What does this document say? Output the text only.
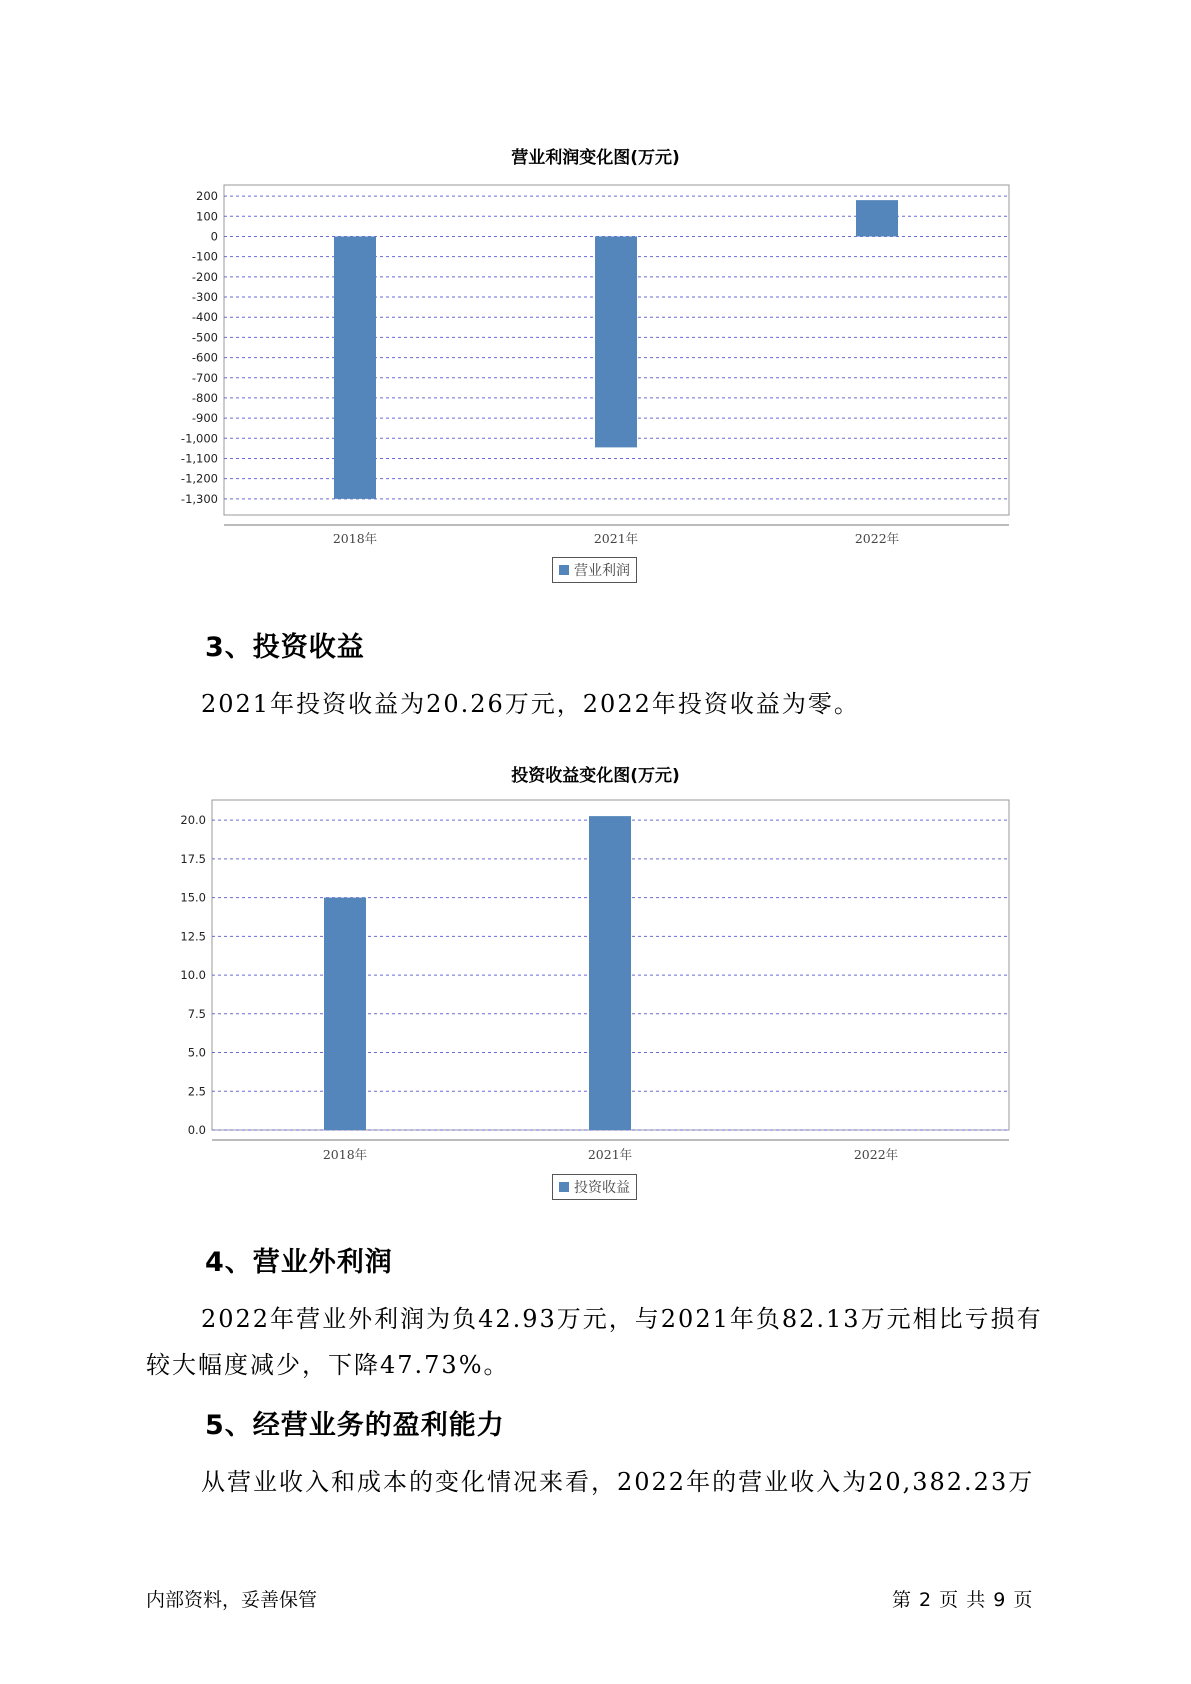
营业利润变化图(万元)
200
100
0
-100
-200
-300
-400
-500
-600
-700
-800
-900
-1,000
-1,100
-1,200
-1,300
2018年	2021年	2022年
营业利润
3、投资收益

2021年投资收益为20.26万元，2022年投资收益为零。

投资收益变化图(万元)
0.0
2.5
5.0
7.5
10.0
12.5
15.0
17.5
20.0
2018年	2021年	2022年
投资收益
4、营业外利润

2022年营业外利润为负42.93万元，与2021年负82.13万元相比亏损有

较大幅度减少，下降47.73%。

5、经营业务的盈利能力

从营业收入和成本的变化情况来看，2022年的营业收入为20,382.23万

内部资料，妥善保管	第 2 页 共 9 页
